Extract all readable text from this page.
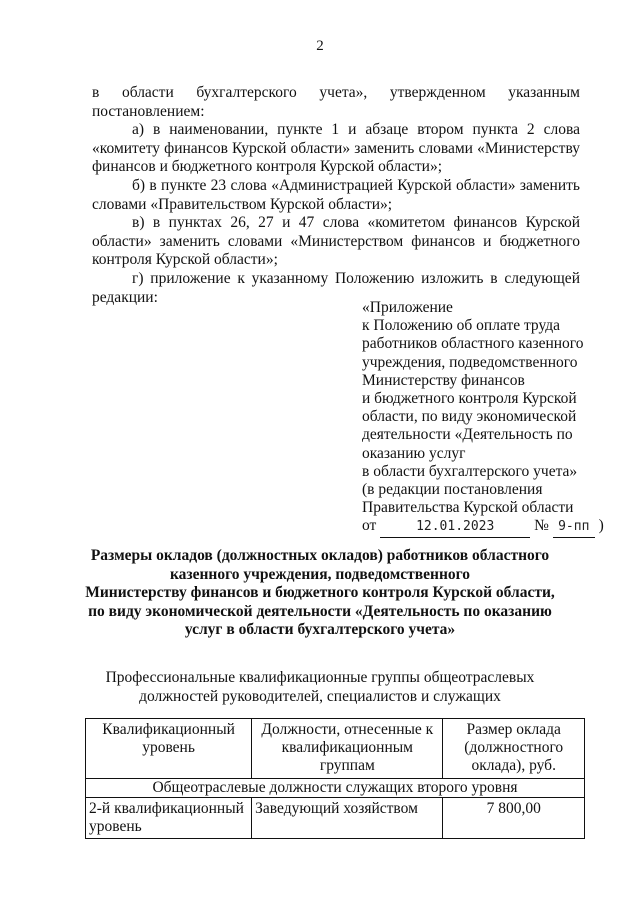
2
в области бухгалтерского учета», утвержденном указанным
постановлением:
а) в наименовании, пункте 1 и абзаце втором пункта 2 слова
«комитету финансов Курской области» заменить словами «Министерству
финансов и бюджетного контроля Курской области»;
б) в пункте 23 слова «Администрацией Курской области» заменить
словами «Правительством Курской области»;
в) в пунктах 26, 27 и 47 слова «комитетом финансов Курской
области» заменить словами «Министерством финансов и бюджетного
контроля Курской области»;
г) приложение к указанному Положению изложить в следующей
редакции:
«Приложение
к Положению об оплате труда
работников областного казенного
учреждения, подведомственного
Министерству финансов
и бюджетного контроля Курской
области, по виду экономической
деятельности «Деятельность по
оказанию услуг
в области бухгалтерского учета»
(в редакции постановления
Правительства Курской области
от	12.01.2023	№ 9-пп )
Размеры окладов (должностных окладов) работников областного
казенного учреждения, подведомственного
Министерству финансов и бюджетного контроля Курской области,
по виду экономической деятельности «Деятельность по оказанию
услуг в области бухгалтерского учета»
Профессиональные квалификационные группы общеотраслевых
должностей руководителей, специалистов и служащих
Квалификационный уровень	Должности, отнесенные к квалификационным группам	Размер оклада (должностного оклада), руб.
Общеотраслевые должности служащих второго уровня		
2-й квалификационный уровень	Заведующий хозяйством	7 800,00
